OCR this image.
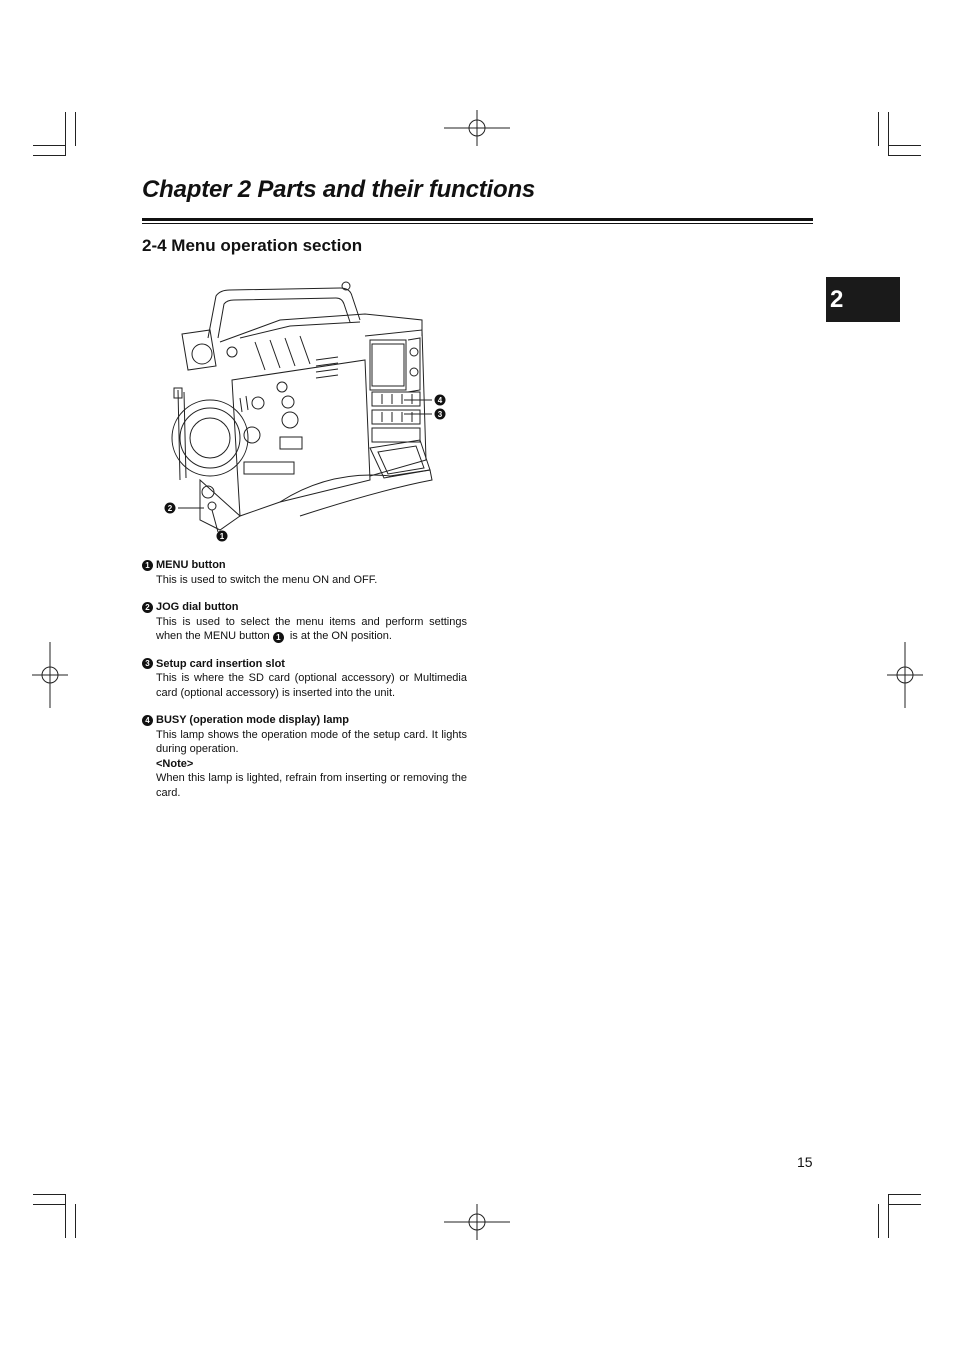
Chapter 2 Parts and their functions
2-4 Menu operation section
2
4
3
2
1
1 MENU button
This is used to switch the menu ON and OFF.
2 JOG dial button
This is used to select the menu items and perform settings when the MENU button 1 is at the ON position.
3 Setup card insertion slot
This is where the SD card (optional accessory) or Multimedia card (optional accessory) is inserted into the unit.
4 BUSY (operation mode display) lamp
This lamp shows the operation mode of the setup card. It lights during operation.
<Note>
When this lamp is lighted, refrain from inserting or removing the card.
15
